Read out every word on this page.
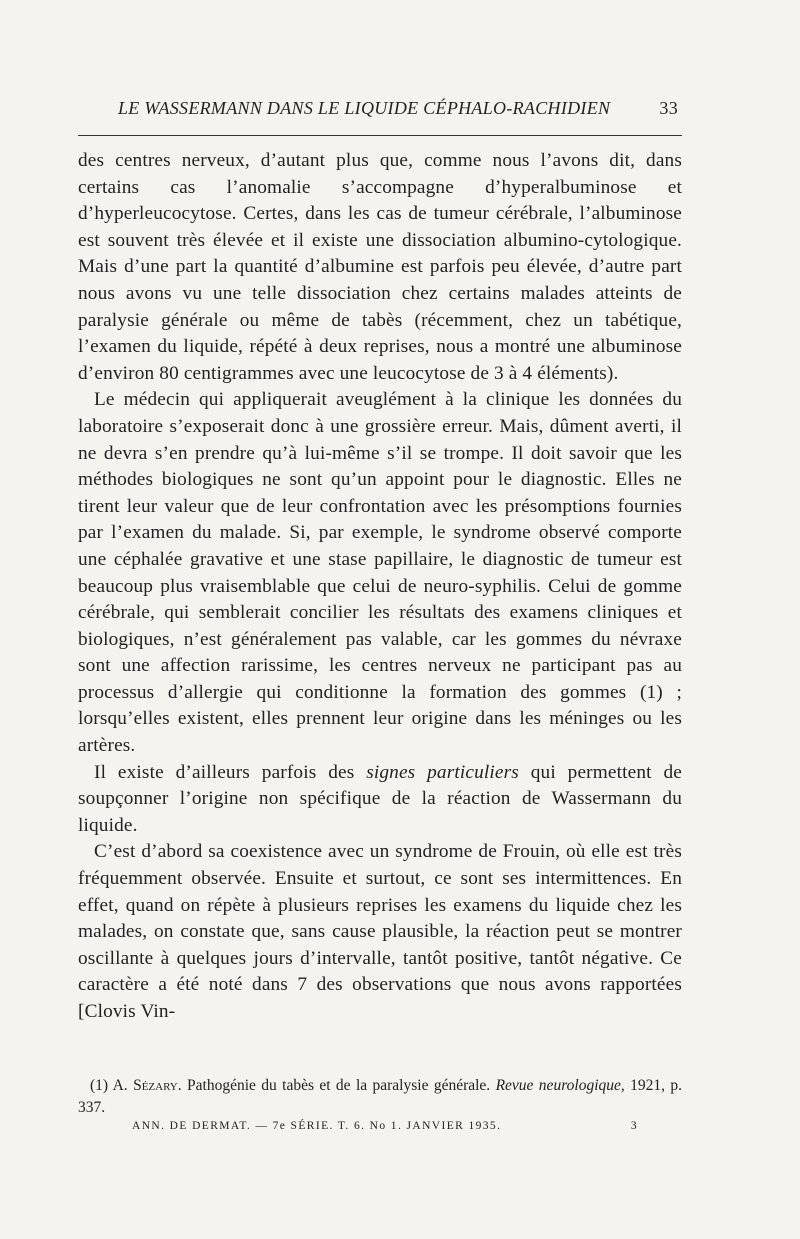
LE WASSERMANN DANS LE LIQUIDE CÉPHALO-RACHIDIEN	33

des centres nerveux, d’autant plus que, comme nous l’avons dit, dans certains cas l’anomalie s’accompagne d’hyperalbuminose et d’hyperleucocytose. Certes, dans les cas de tumeur cérébrale, l’albuminose est souvent très élevée et il existe une dissociation albumino-cytologique. Mais d’une part la quantité d’albumine est parfois peu élevée, d’autre part nous avons vu une telle dissociation chez certains malades atteints de paralysie générale ou même de tabès (récemment, chez un tabétique, l’examen du liquide, répété à deux reprises, nous a montré une albuminose d’environ 80 centigrammes avec une leucocytose de 3 à 4 éléments).

Le médecin qui appliquerait aveuglément à la clinique les données du laboratoire s’exposerait donc à une grossière erreur. Mais, dûment averti, il ne devra s’en prendre qu’à lui-même s’il se trompe. Il doit savoir que les méthodes biologiques ne sont qu’un appoint pour le diagnostic. Elles ne tirent leur valeur que de leur confrontation avec les présomptions fournies par l’examen du malade. Si, par exemple, le syndrome observé comporte une céphalée gravative et une stase papillaire, le diagnostic de tumeur est beaucoup plus vraisemblable que celui de neuro-syphilis. Celui de gomme cérébrale, qui semblerait concilier les résultats des examens cliniques et biologiques, n’est généralement pas valable, car les gommes du névraxe sont une affection rarissime, les centres nerveux ne participant pas au processus d’allergie qui conditionne la formation des gommes (1) ; lorsqu’elles existent, elles prennent leur origine dans les méninges ou les artères.

Il existe d’ailleurs parfois des signes particuliers qui permettent de soupçonner l’origine non spécifique de la réaction de Wassermann du liquide.

C’est d’abord sa coexistence avec un syndrome de Frouin, où elle est très fréquemment observée. Ensuite et surtout, ce sont ses intermittences. En effet, quand on répète à plusieurs reprises les examens du liquide chez les malades, on constate que, sans cause plausible, la réaction peut se montrer oscillante à quelques jours d’intervalle, tantôt positive, tantôt négative. Ce caractère a été noté dans 7 des observations que nous avons rapportées [Clovis Vin-

(1) A. Sézary. Pathogénie du tabès et de la paralysie générale. Revue neurologique, 1921, p. 337.

ANN. DE DERMAT. — 7e SÉRIE. T. 6. No 1. JANVIER 1935.	3
